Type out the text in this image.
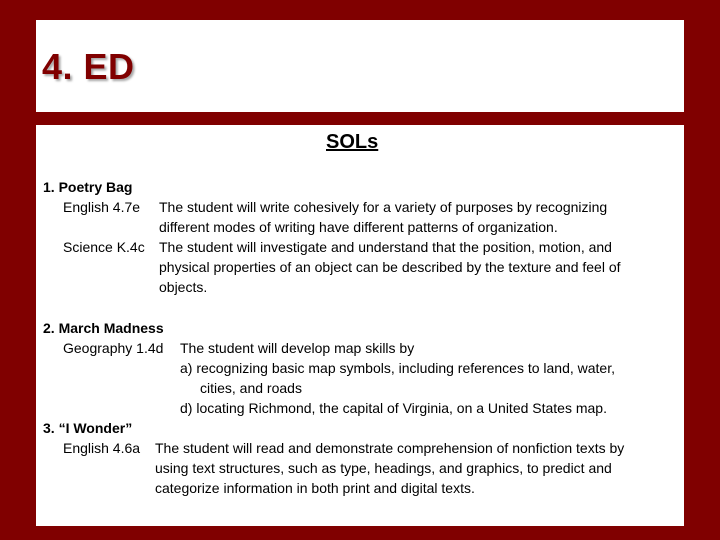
4. ED
SOLs
1. Poetry Bag
English 4.7e	The student will write cohesively for a variety of purposes by recognizing
different modes of writing have different patterns of organization.
Science K.4c	The student will investigate and understand that the position, motion, and
physical properties of an object can be described by the texture and feel of
objects.
2. March Madness
Geography 1.4d	The student will develop map skills by
a) recognizing basic map symbols, including references to land, water,
cities, and roads
d) locating Richmond, the capital of Virginia, on a United States map.
3. “I Wonder”
English 4.6a	The student will read and demonstrate comprehension of nonfiction texts by
using text structures, such as type, headings, and graphics, to predict and
categorize information in both print and digital texts.
